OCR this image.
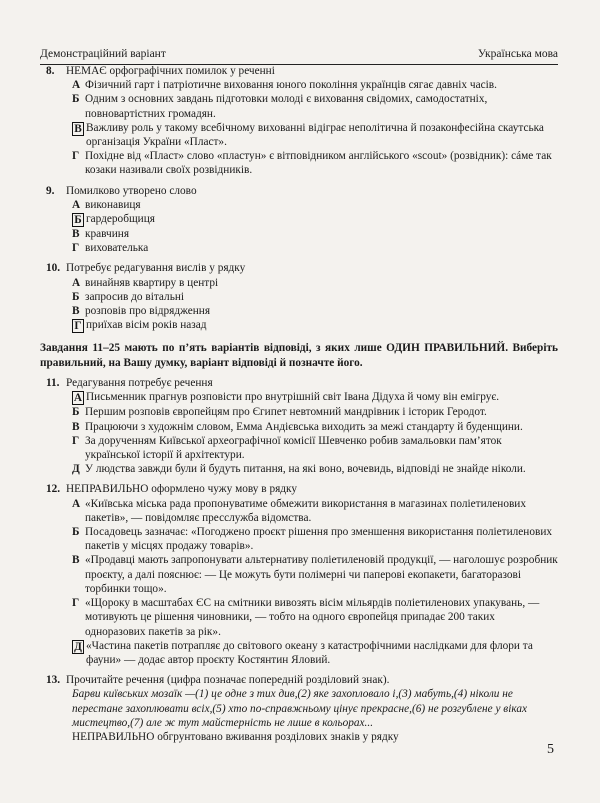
Демонстраційний варіант	Українська мова
8.	НЕМАЄ орфографічних помилок у реченні
А Фізичний гарт і патріотичне виховання юного покоління українців сягає давніх часів.
Б Одним з основних завдань підготовки молоді є виховання свідомих, самодостатніх, повноваpтістних громадян.
В Важливу роль у такому всебічному вихованні відіграє неполітична й позаконфесійна скаутська організація України «Пласт».
Г Похідне від «Пласт» слово «пластун» є вітповідником англійського «scout» (розвідник): сáме так козаки називали своїх розвідників.
9.	Помилково утворено слово
А виконавиця
Б гардеробщиця
В кравчиня
Г вихователька
10. Потребує редагування вислів у рядку
А винайняв квартиру в центрі
Б запросив до вітальні
В розповів про відрядження
Г приїхав вісім років назад
Завдання 11–25 мають по п’ять варіантів відповіді, з яких лише ОДИН ПРАВИЛЬНИЙ. Виберіть правильний, на Вашу думку, варіант відповіді й позначте його.
11. Редагування потребує речення
А Письменник прагнув розповісти про внутрішній світ Івана Дідуха й чому він емігрує.
Б Першим розповів європейцям про Єгипет невтомний мандрівник і історик Геродот.
В Працюючи з художнім словом, Емма Андієвська виходить за межі стандарту й буденщини.
Г За дорученням Київської археографічної комісії Шевченко робив замальовки пам’яток української історії й архітектури.
Д У людства завжди були й будуть питання, на які воно, вочевидь, відповіді не знайде ніколи.
12. НЕПРАВИЛЬНО оформлено чужу мову в рядку
А «Київська міська рада пропонуватиме обмежити використання в магазинах поліетиленових пакетів», — повідомляє пресслужба відомства.
Б Посадовець зазначає: «Погоджено проєкт рішення про зменшення використання поліетиленових пакетів у місцях продажу товарів».
В «Продавці мають запропонувати альтернативу поліетиленовій продукції, — наголошує розробник проєкту, а далі пояснює: — Це можуть бути полімерні чи паперові екопакети, багаторазові торбинки тощо».
Г «Щороку в масштабах ЄС на смітники вивозять вісім мільярдів поліетиленових упакувань, — мотивують це рішення чиновники, — тобто на одного європейця припадає 200 таких одноразових пакетів за рік».
Д «Частина пакетів потрапляє до світового океану з катастрофічними наслідками для флори та фауни» — додає автор проєкту Костянтин Яловий.
13. Прочитайте речення (цифра позначає попередній розділовий знак).
Барви київських мозаїк —(1) це одне з тих див,(2) яке захопловало і,(3) мабуть,(4) ніколи не перестане захоплювати всіх,(5) хто по-справжньому цінує прекрасне,(6) не розгублене у віках мистецтво,(7) але ж тут майстерність не лише в кольорах...
НЕПРАВИЛЬНО обгрунтовано вживання розділових знаків у рядку
5
